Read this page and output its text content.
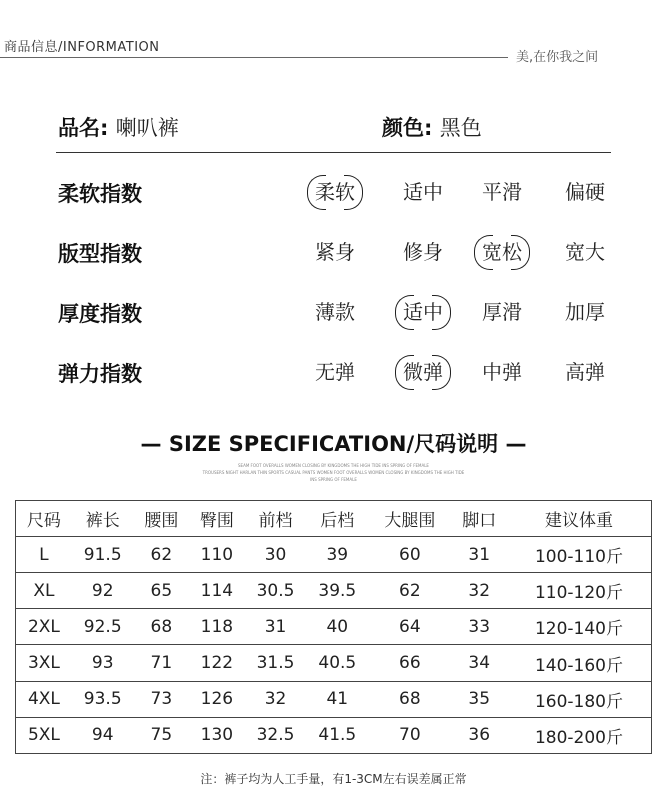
商品信息/INFORMATION
美,在你我之间
品名: 喇叭裤	颜色: 黑色
柔软指数	柔软	适中	平滑	偏硬
版型指数	紧身	修身	宽松	宽大
厚度指数	薄款	适中	厚滑	加厚
弹力指数	无弹	微弹	中弹	高弹
— SIZE SPECIFICATION/尺码说明 —
SEAM FOOT OVERALLS WOMEN CLOSING BY KINGDOMS THE HIGH TIDE INS SPRING OF FEMALE
TROUSERS NIGHT HARLAN THIN SPORTS CASUAL PANTS WOMEN FOOT OVERALLS WOMEN CLOSING BY KINGDOMS THE HIGH TIDE
INS SPRING OF FEMALE
尺码	裤长	腰围	臀围	前档	后档	大腿围	脚口	建议体重
L	91.5	62	110	30	39	60	31	100-110斤
XL	92	65	114	30.5	39.5	62	32	110-120斤
2XL	92.5	68	118	31	40	64	33	120-140斤
3XL	93	71	122	31.5	40.5	66	34	140-160斤
4XL	93.5	73	126	32	41	68	35	160-180斤
5XL	94	75	130	32.5	41.5	70	36	180-200斤
注：裤子均为人工手量，有1-3CM左右误差属正常
